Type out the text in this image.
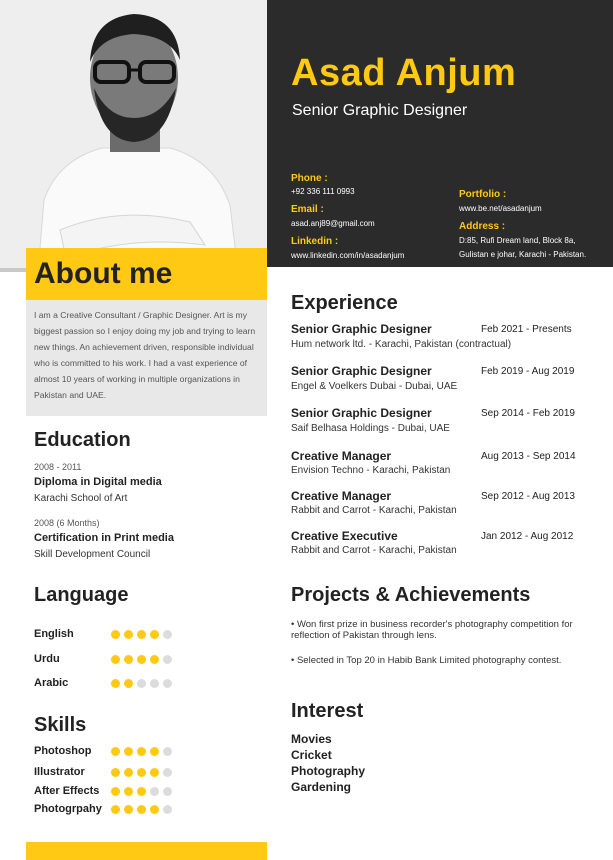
Asad Anjum
Senior Graphic Designer
Phone :
+92 336 111 0993
Email :
asad.anj89@gmail.com
Linkedin :
www.linkedin.com/in/asadanjum
Portfolio :
www.be.net/asadanjum
Address :
D:85, Rufi Dream land, Block 8a,
Gulistan e johar, Karachi - Pakistan.
About me
I am a Creative Consultant / Graphic Designer. Art is my biggest passion so I enjoy doing my job and trying to learn new things. An achievement driven, responsible individual who is committed to his work. I had a vast experience of almost 10 years of working in multiple organizations in Pakistan and UAE.
Education
2008 - 2011
Diploma in Digital media
Karachi School of Art
2008 (6 Months)
Certification in Print media
Skill Development Council
Language
English
Urdu
Arabic
Skills
Photoshop
Illustrator
After Effects
Photogrpahy
Experience
Senior Graphic Designer	Feb 2021 - Presents
Hum network ltd. - Karachi, Pakistan (contractual)
Senior Graphic Designer	Feb 2019 - Aug 2019
Engel & Voelkers Dubai - Dubai, UAE
Senior Graphic Designer	Sep 2014 - Feb 2019
Saif Belhasa Holdings - Dubai, UAE
Creative Manager	Aug 2013 - Sep 2014
Envision Techno - Karachi, Pakistan
Creative Manager	Sep 2012 - Aug 2013
Rabbit and Carrot - Karachi, Pakistan
Creative Executive	Jan 2012 - Aug 2012
Rabbit and Carrot - Karachi, Pakistan
Projects & Achievements
• Won first prize in business recorder's photography competition for reflection of Pakistan through lens.
• Selected in Top 20 in Habib Bank Limited photography contest.
Interest
Movies
Cricket
Photography
Gardening
